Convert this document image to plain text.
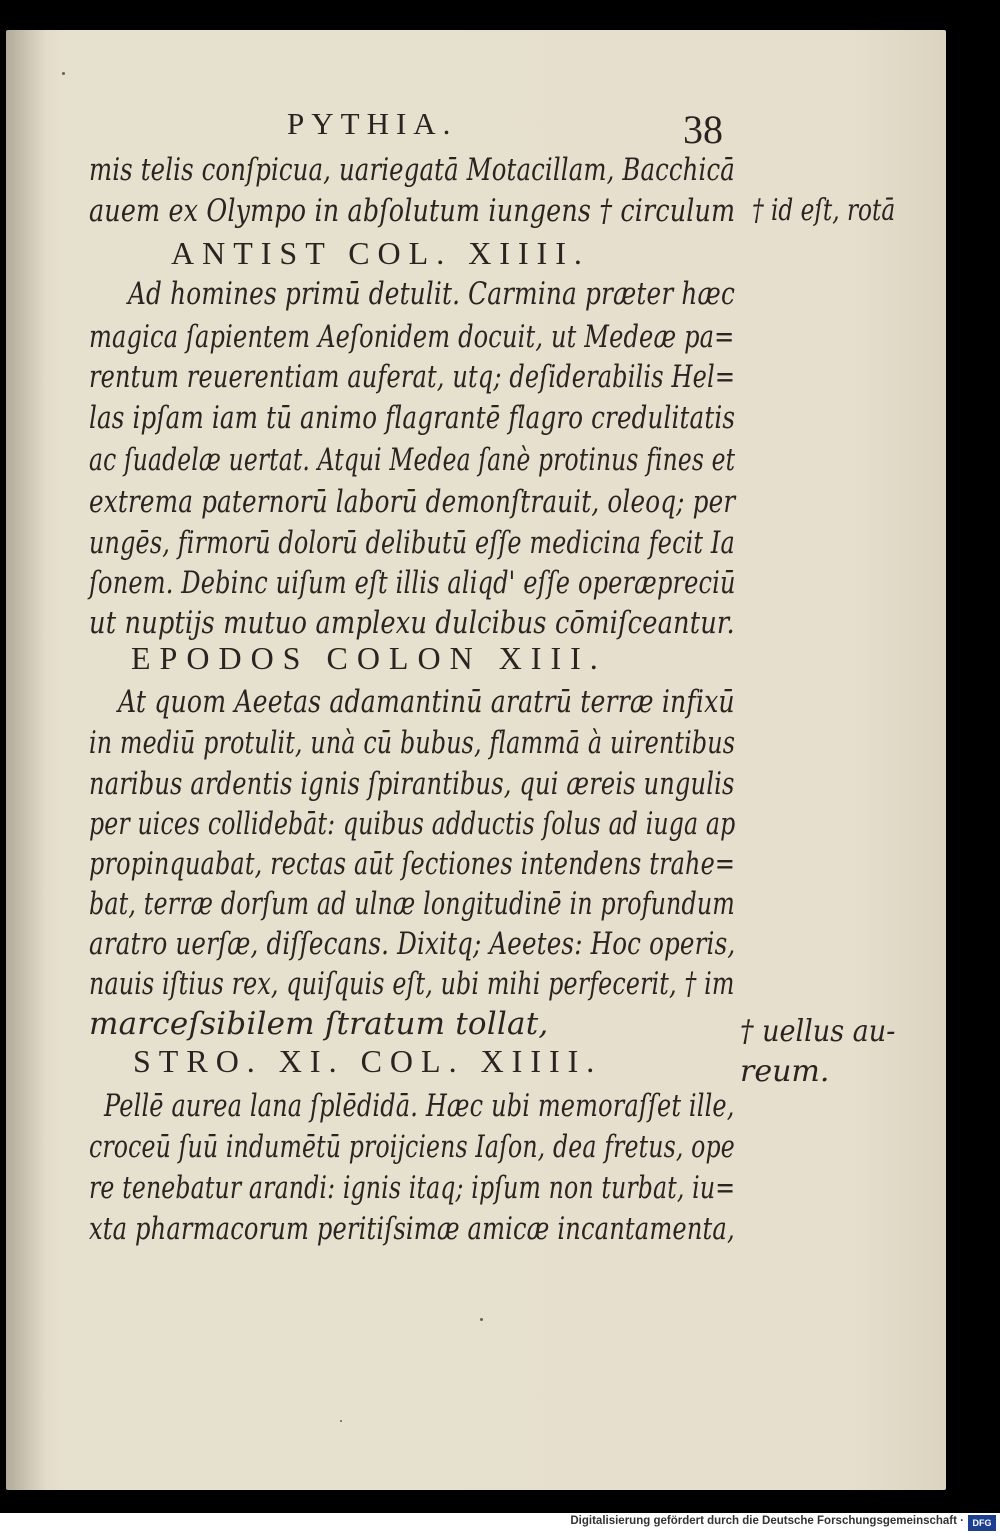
PYTHIA.	38
mis telis conſpicua, uariegatā Motacillam, Bacchicā
auem ex Olympo in abſolutum iungens † circulum
ANTIST COL. XIIII.
Ad homines primū detulit. Carmina præter hæc
magica ſapientem Aeſonidem docuit, ut Medeæ pa=
rentum reuerentiam auferat, utq; deſiderabilis Hel=
las ipſam iam tū animo flagrantē flagro credulitatis
ac ſuadelæ uertat. Atqui Medea ſanè protinus fines et
extrema paternorū laborū demonſtrauit, oleoq; per
ungēs, firmorū dolorū delibutū eſſe medicina fecit Ia
ſonem. Debinc uiſum eſt illis aliqd' eſſe operæpreciū
ut nuptijs mutuo amplexu dulcibus cōmiſceantur.
EPODOS COLON XIII.
At quom Aeetas adamantinū aratrū terræ infixū
in mediū protulit, unà cū bubus, flammā à uirentibus
naribus ardentis ignis ſpirantibus, qui æreis ungulis
per uices collidebāt: quibus adductis ſolus ad iuga ap
propinquabat, rectas aūt ſectiones intendens trahe=
bat, terræ dorſum ad ulnæ longitudinē in profundum
aratro uerſæ, diſſecans. Dixitq; Aeetes: Hoc operis,
nauis iſtius rex, quiſquis eſt, ubi mihi perfecerit, † im
marceſsibilem ſtratum tollat,
STRO. XI. COL. XIIII.
Pellē aurea lana ſplēdidā. Hæc ubi memoraſſet ille,
croceū ſuū indumētū proijciens Iaſon, dea fretus, ope
re tenebatur arandi: ignis itaq; ipſum non turbat, iu=
xta pharmacorum peritiſsimæ amicæ incantamenta,
† id eſt, rotā
† uellus au-
reum.
Digitalisierung gefördert durch die Deutsche Forschungsgemeinschaft · DFG
